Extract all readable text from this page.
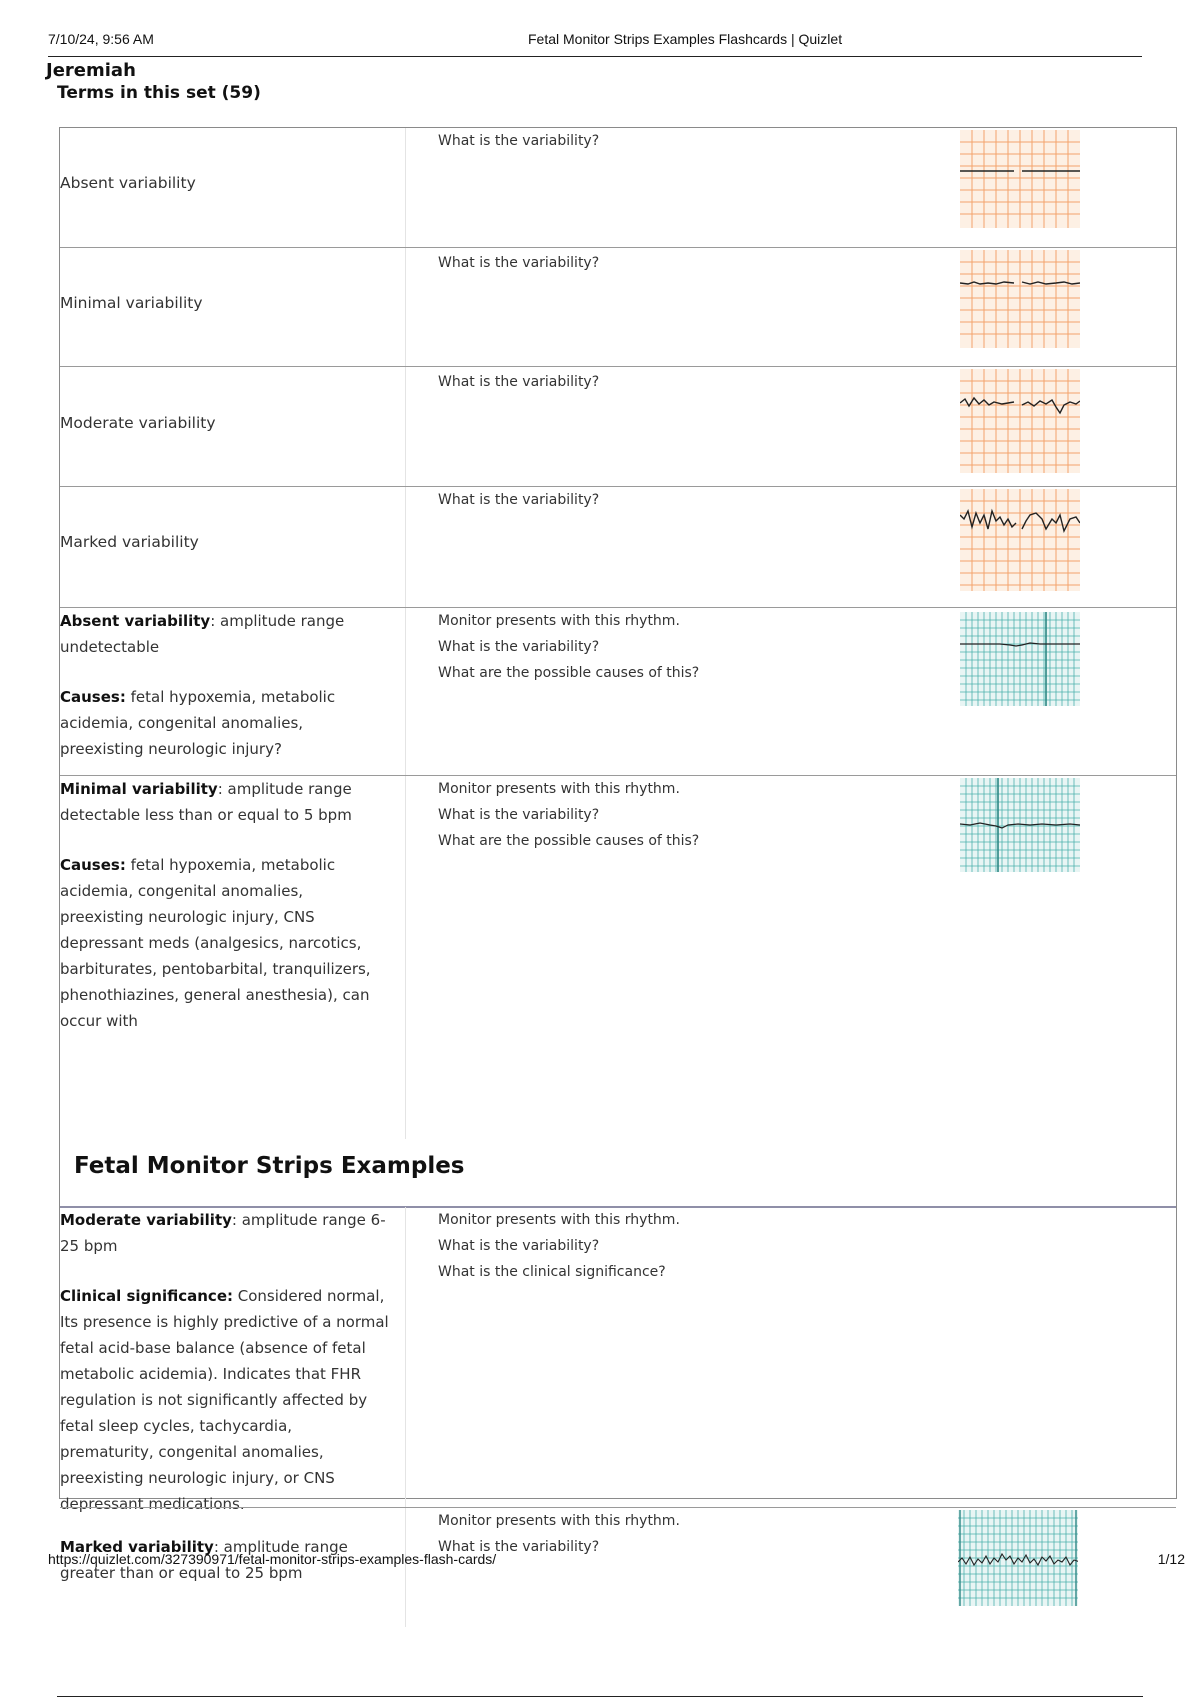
7/10/24, 9:56 AM	Fetal Monitor Strips Examples Flashcards | Quizlet
Jeremiah
Terms in this set (59)
Absent variability

What is the variability?

Minimal variability

What is the variability?

Moderate variability

What is the variability?

Marked variability

What is the variability?

Absent variability: amplitude range undetectable

Causes: fetal hypoxemia, metabolic acidemia, congenital anomalies, preexisting neurologic injury?

Monitor presents with this rhythm.

What is the variability?

What are the possible causes of this?

Minimal variability: amplitude range detectable less than or equal to 5 bpm

Causes: fetal hypoxemia, metabolic acidemia, congenital anomalies, preexisting neurologic injury, CNS depressant meds (analgesics, narcotics, barbiturates, pentobarbital, tranquilizers, phenothiazines, general anesthesia), can occur with

Monitor presents with this rhythm.

What is the variability?

What are the possible causes of this?

Fetal Monitor Strips Examples

Moderate variability: amplitude range 6-25 bpm

Clinical significance: Considered normal, Its presence is highly predictive of a normal fetal acid-base balance (absence of fetal metabolic acidemia). Indicates that FHR regulation is not significantly affected by fetal sleep cycles, tachycardia, prematurity, congenital anomalies, preexisting neurologic injury, or CNS depressant medications.

Monitor presents with this rhythm.

What is the variability?

What is the clinical significance?

Marked variability: amplitude range greater than or equal to 25 bpm

Monitor presents with this rhythm.

What is the variability?

https://quizlet.com/327390971/fetal-monitor-strips-examples-flash-cards/	1/12
